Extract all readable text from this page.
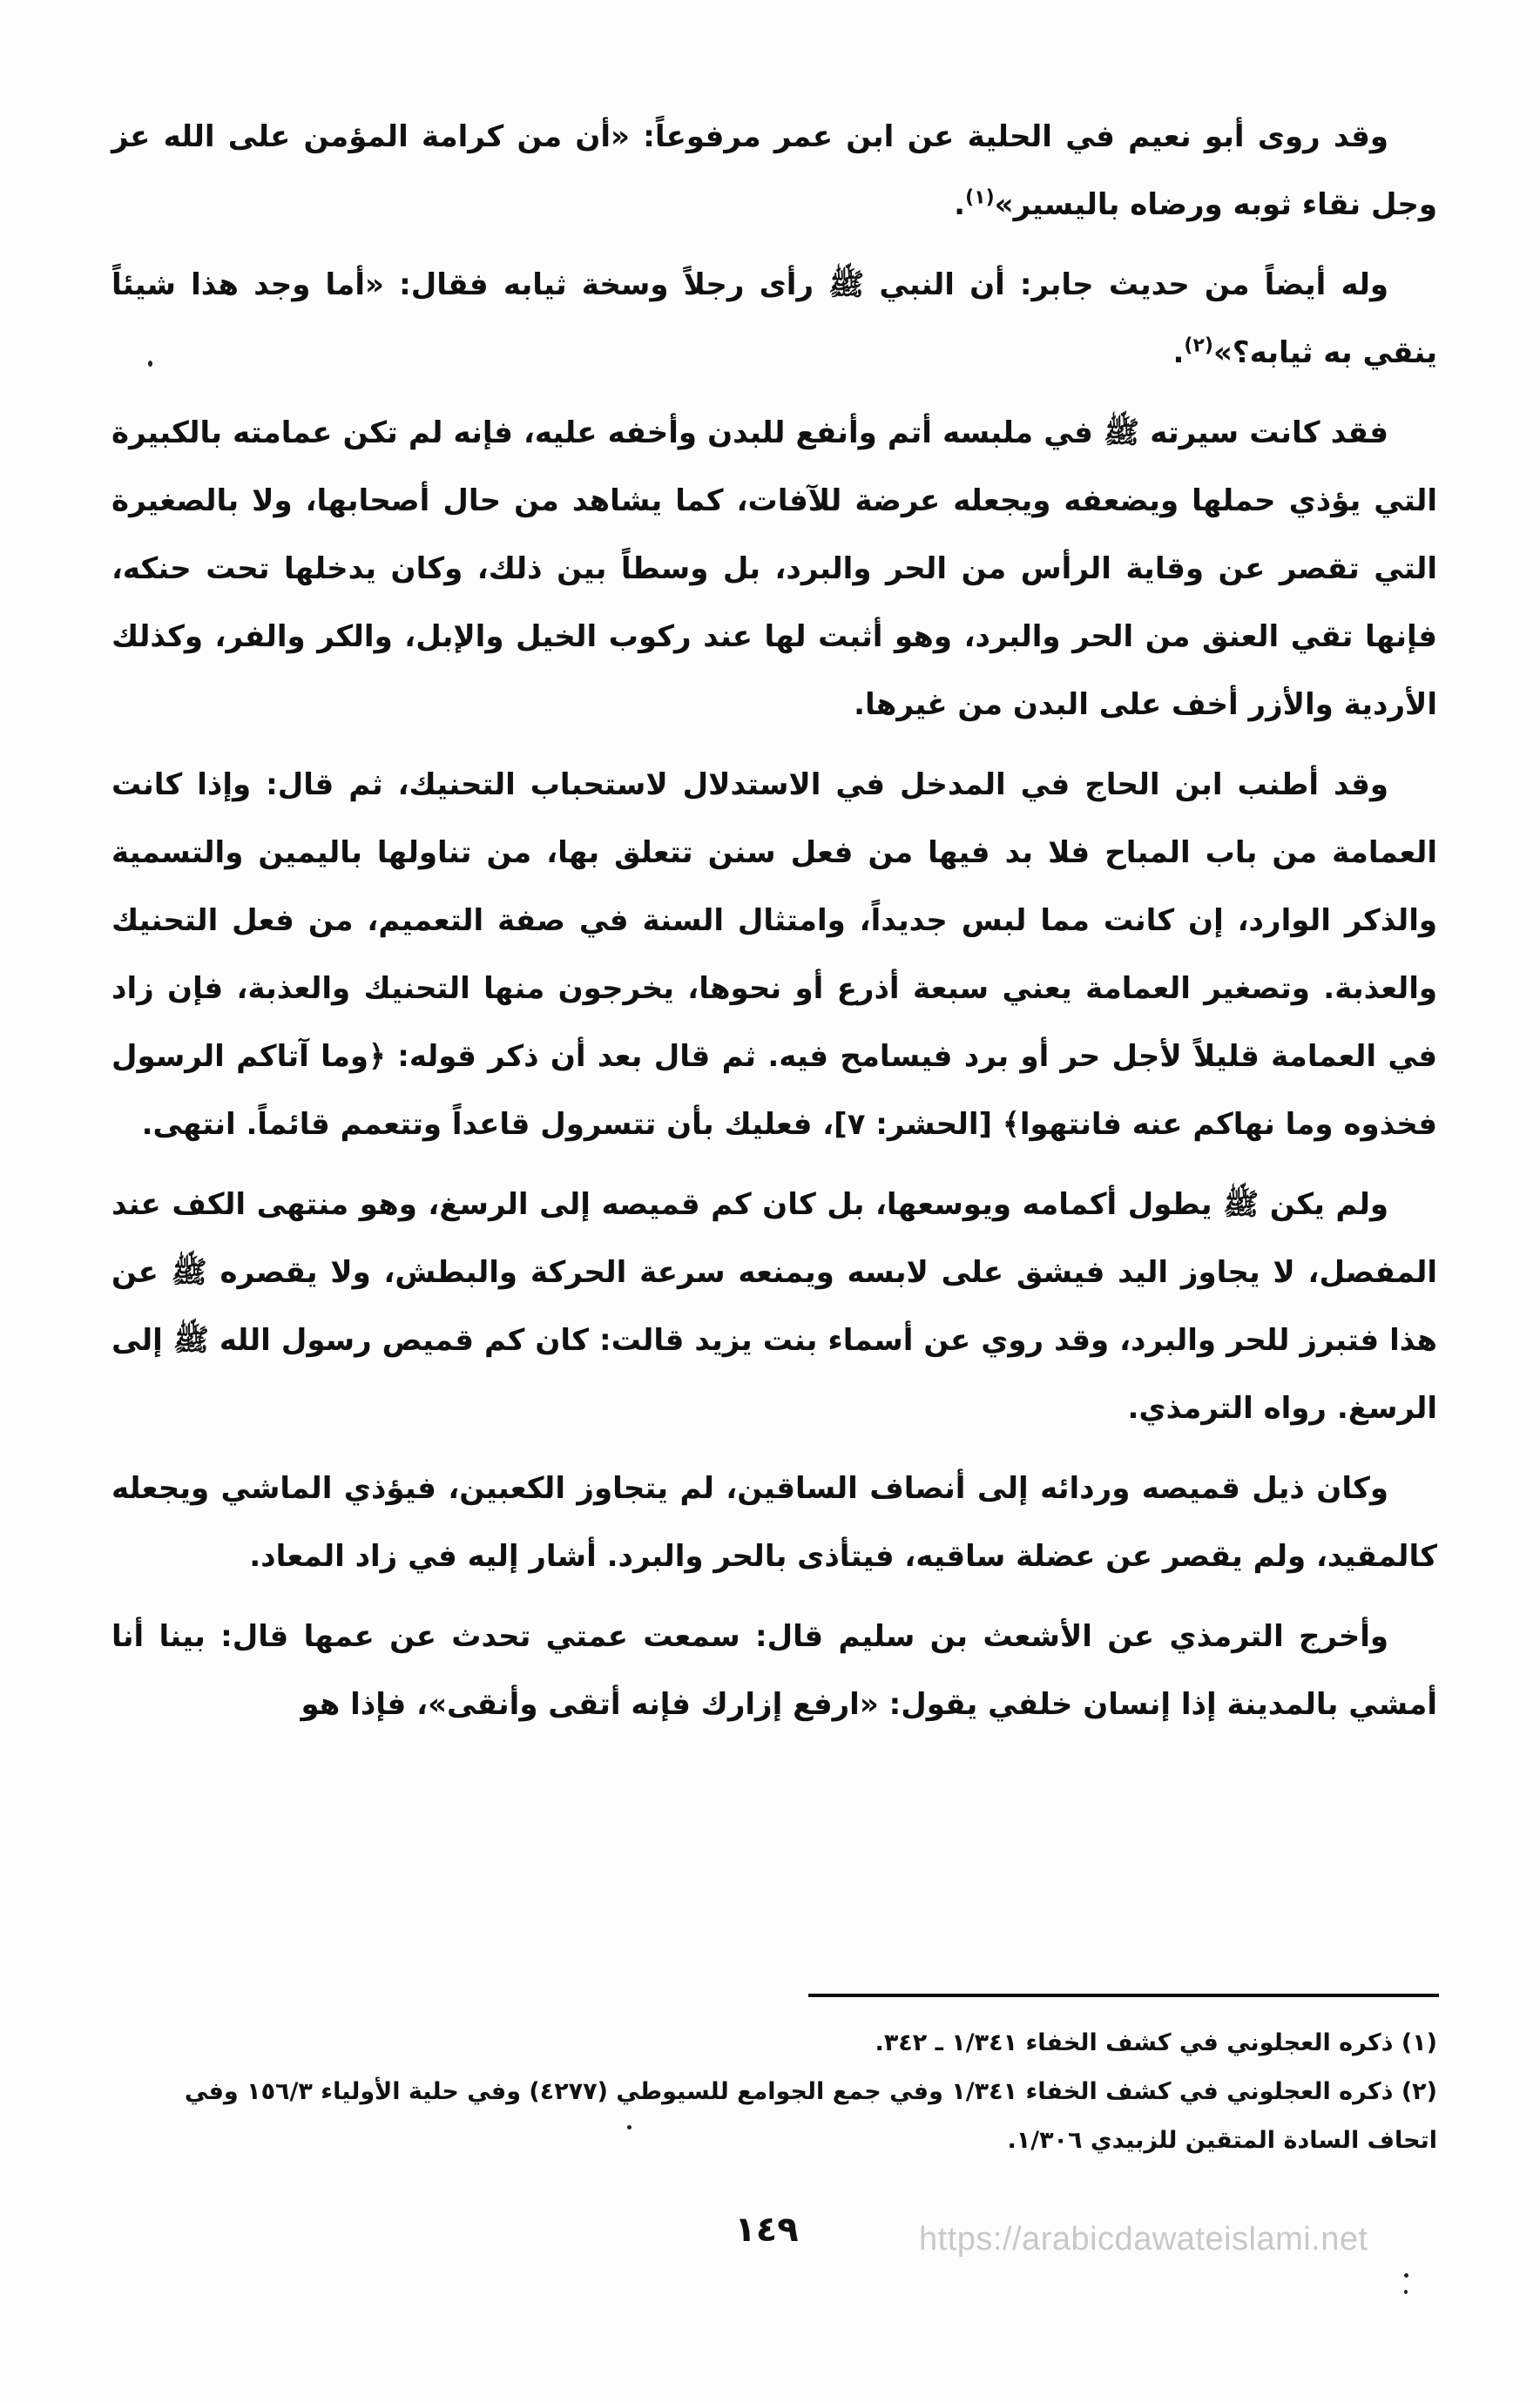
وقد روى أبو نعيم في الحلية عن ابن عمر مرفوعاً: «أن من كرامة المؤمن على الله عز وجل نقاء ثوبه ورضاه باليسير»$^{(١)}$.

وله أيضاً من حديث جابر: أن النبي ﷺ رأى رجلاً وسخة ثيابه فقال: «أما وجد هذا شيئاً ينقي به ثيابه؟»$^{(٢)}$.

فقد كانت سيرته ﷺ في ملبسه أتم وأنفع للبدن وأخفه عليه، فإنه لم تكن عمامته بالكبيرة التي يؤذي حملها ويضعفه ويجعله عرضة للآفات، كما يشاهد من حال أصحابها، ولا بالصغيرة التي تقصر عن وقاية الرأس من الحر والبرد، بل وسطاً بين ذلك، وكان يدخلها تحت حنكه، فإنها تقي العنق من الحر والبرد، وهو أثبت لها عند ركوب الخيل والإبل، والكر والفر، وكذلك الأردية والأزر أخف على البدن من غيرها.

وقد أطنب ابن الحاج في المدخل في الاستدلال لاستحباب التحنيك، ثم قال: وإذا كانت العمامة من باب المباح فلا بد فيها من فعل سنن تتعلق بها، من تناولها باليمين والتسمية والذكر الوارد، إن كانت مما لبس جديداً، وامتثال السنة في صفة التعميم، من فعل التحنيك والعذبة. وتصغير العمامة يعني سبعة أذرع أو نحوها، يخرجون منها التحنيك والعذبة، فإن زاد في العمامة قليلاً لأجل حر أو برد فيسامح فيه. ثم قال بعد أن ذكر قوله: ﴿وما آتاكم الرسول فخذوه وما نهاكم عنه فانتهوا﴾ [الحشر: ٧]، فعليك بأن تتسرول قاعداً وتتعمم قائماً. انتهى.

ولم يكن ﷺ يطول أكمامه ويوسعها، بل كان كم قميصه إلى الرسغ، وهو منتهى الكف عند المفصل، لا يجاوز اليد فيشق على لابسه ويمنعه سرعة الحركة والبطش، ولا يقصره ﷺ عن هذا فتبرز للحر والبرد، وقد روي عن أسماء بنت يزيد قالت: كان كم قميص رسول الله ﷺ إلى الرسغ. رواه الترمذي.

وكان ذيل قميصه وردائه إلى أنصاف الساقين، لم يتجاوز الكعبين، فيؤذي الماشي ويجعله كالمقيد، ولم يقصر عن عضلة ساقيه، فيتأذى بالحر والبرد. أشار إليه في زاد المعاد.

وأخرج الترمذي عن الأشعث بن سليم قال: سمعت عمتي تحدث عن عمها قال: بينا أنا أمشي بالمدينة إذا إنسان خلفي يقول: «ارفع إزارك فإنه أتقى وأنقى»، فإذا هو

(١) ذكره العجلوني في كشف الخفاء ١/٣٤١ ـ ٣٤٢.

(٢) ذكره العجلوني في كشف الخفاء ١/٣٤١ وفي جمع الجوامع للسيوطي (٤٢٧٧) وفي حلية الأولياء ١٥٦/٣ وفي اتحاف السادة المتقين للزبيدي ١/٣٠٦.

١٤٩	https://arabicdawateislami.net
